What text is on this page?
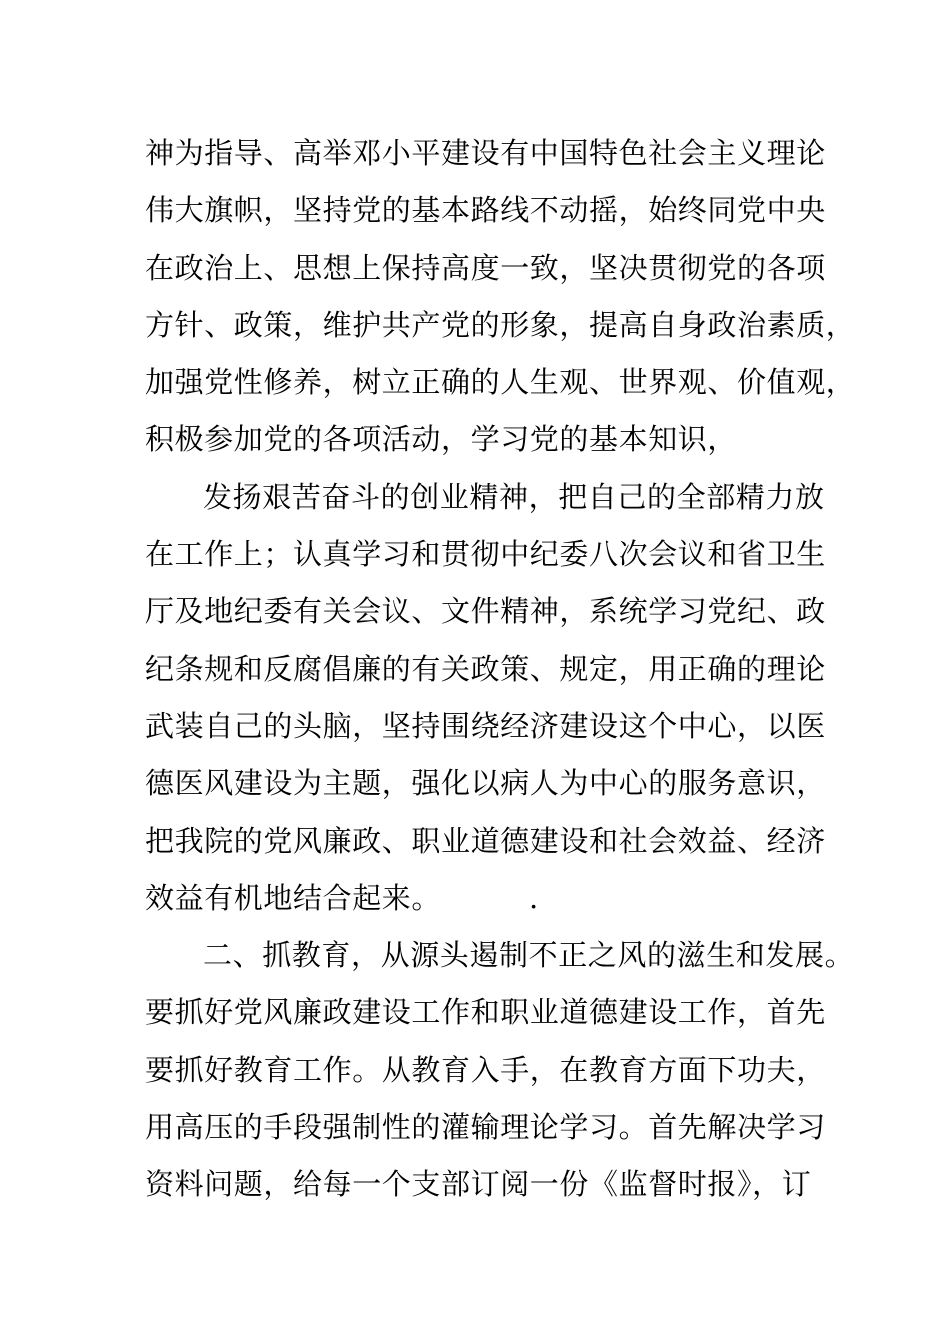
神为指导、高举邓小平建设有中国特色社会主义理论
伟大旗帜，坚持党的基本路线不动摇，始终同党中央
在政治上、思想上保持高度一致，坚决贯彻党的各项
方针、政策，维护共产党的形象，提高自身政治素质，
加强党性修养，树立正确的人生观、世界观、价值观，
积极参加党的各项活动，学习党的基本知识，
发扬艰苦奋斗的创业精神，把自己的全部精力放
在工作上；认真学习和贯彻中纪委八次会议和省卫生
厅及地纪委有关会议、文件精神，系统学习党纪、政
纪条规和反腐倡廉的有关政策、规定，用正确的理论
武装自己的头脑，坚持围绕经济建设这个中心，以医
德医风建设为主题，强化以病人为中心的服务意识，
把我院的党风廉政、职业道德建设和社会效益、经济
效益有机地结合起来。	.
二、抓教育，从源头遏制不正之风的滋生和发展。
要抓好党风廉政建设工作和职业道德建设工作，首先
要抓好教育工作。从教育入手，在教育方面下功夫，
用高压的手段强制性的灌输理论学习。首先解决学习
资料问题，给每一个支部订阅一份《监督时报》，订
